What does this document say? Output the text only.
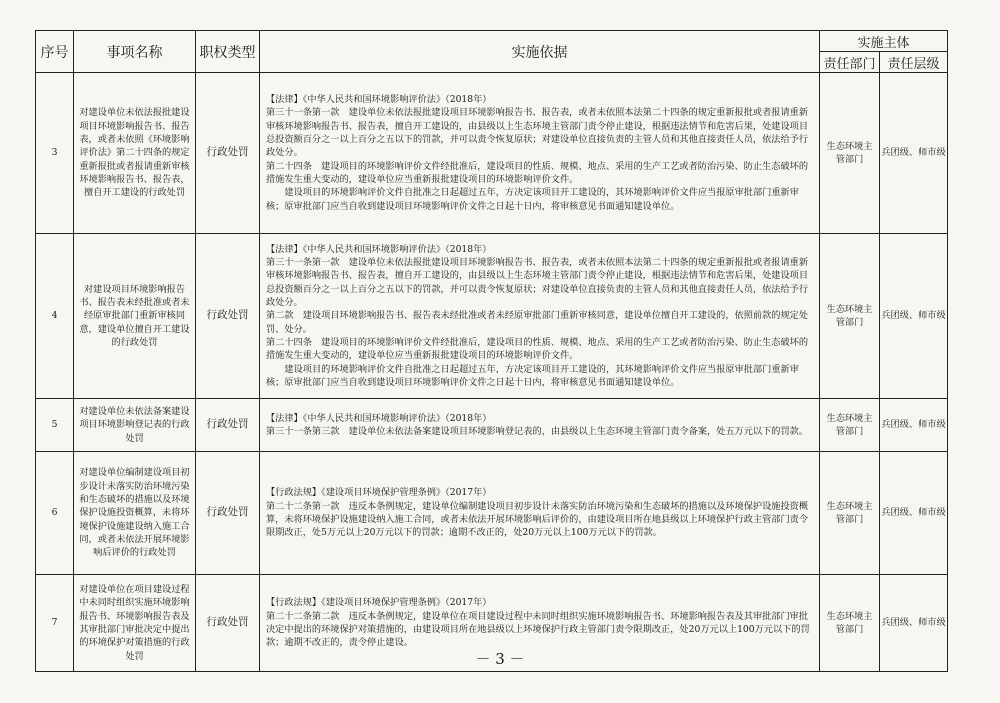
序号	事项名称	职权类型	实施依据	实施主体	
				责任部门	责任层级
3	对建设单位未依法报批建设项目环境影响报告书、报告表，或者未依照《环境影响评价法》第二十四条的规定重新报批或者报请重新审核环境影响报告书、报告表，擅自开工建设的行政处罚	行政处罚	【法律】《中华人民共和国环境影响评价法》（2018年）
第三十一条第一款　建设单位未依法报批建设项目环境影响报告书、报告表，或者未依照本法第二十四条的规定重新报批或者报请重新审核环境影响报告书、报告表，擅自开工建设的，由县级以上生态环境主管部门责令停止建设，根据违法情节和危害后果，处建设项目总投资额百分之一以上百分之五以下的罚款，并可以责令恢复原状；对建设单位直接负责的主管人员和其他直接责任人员，依法给予行政处分。
第二十四条　建设项目的环境影响评价文件经批准后，建设项目的性质、规模、地点、采用的生产工艺或者防治污染、防止生态破坏的措施发生重大变动的，建设单位应当重新报批建设项目的环境影响评价文件。
建设项目的环境影响评价文件自批准之日起超过五年，方决定该项目开工建设的，其环境影响评价文件应当报原审批部门重新审核；原审批部门应当自收到建设项目环境影响评价文件之日起十日内，将审核意见书面通知建设单位。	生态环境主管部门	兵团级、师市级
4	对建设项目环境影响报告书、报告表未经批准或者未经原审批部门重新审核同意，建设单位擅自开工建设的行政处罚	行政处罚	【法律】《中华人民共和国环境影响评价法》（2018年）
第三十一条第一款　建设单位未依法报批建设项目环境影响报告书、报告表，或者未依照本法第二十四条的规定重新报批或者报请重新审核环境影响报告书、报告表，擅自开工建设的，由县级以上生态环境主管部门责令停止建设，根据违法情节和危害后果，处建设项目总投资额百分之一以上百分之五以下的罚款，并可以责令恢复原状；对建设单位直接负责的主管人员和其他直接责任人员，依法给予行政处分。
第二款　建设项目环境影响报告书、报告表未经批准或者未经原审批部门重新审核同意，建设单位擅自开工建设的，依照前款的规定处罚、处分。
第二十四条　建设项目的环境影响评价文件经批准后，建设项目的性质、规模、地点、采用的生产工艺或者防治污染、防止生态破坏的措施发生重大变动的，建设单位应当重新报批建设项目的环境影响评价文件。
建设项目的环境影响评价文件自批准之日起超过五年，方决定该项目开工建设的，其环境影响评价文件应当报原审批部门重新审核；原审批部门应当自收到建设项目环境影响评价文件之日起十日内，将审核意见书面通知建设单位。	生态环境主管部门	兵团级、师市级
5	对建设单位未依法备案建设项目环境影响登记表的行政处罚	行政处罚	【法律】《中华人民共和国环境影响评价法》（2018年）
第三十一条第三款　建设单位未依法备案建设项目环境影响登记表的，由县级以上生态环境主管部门责令备案，处五万元以下的罚款。	生态环境主管部门	兵团级、师市级
6	对建设单位编制建设项目初步设计未落实防治环境污染和生态破坏的措施以及环境保护设施投资概算，未将环境保护设施建设纳入施工合同，或者未依法开展环境影响后评价的行政处罚	行政处罚	【行政法规】《建设项目环境保护管理条例》（2017年）
第二十二条第一款　违反本条例规定，建设单位编制建设项目初步设计未落实防治环境污染和生态破坏的措施以及环境保护设施投资概算，未将环境保护设施建设纳入施工合同，或者未依法开展环境影响后评价的，由建设项目所在地县级以上环境保护行政主管部门责令限期改正，处5万元以上20万元以下的罚款；逾期不改正的，处20万元以上100万元以下的罚款。	生态环境主管部门	兵团级、师市级
7	对建设单位在项目建设过程中未同时组织实施环境影响报告书、环境影响报告表及其审批部门审批决定中提出的环境保护对策措施的行政处罚	行政处罚	【行政法规】《建设项目环境保护管理条例》（2017年）
第二十二条第二款　违反本条例规定，建设单位在项目建设过程中未同时组织实施环境影响报告书、环境影响报告表及其审批部门审批决定中提出的环境保护对策措施的，由建设项目所在地县级以上环境保护行政主管部门责令限期改正，处20万元以上100万元以下的罚款；逾期不改正的，责令停止建设。	生态环境主管部门	兵团级、师市级
－ 3 －
